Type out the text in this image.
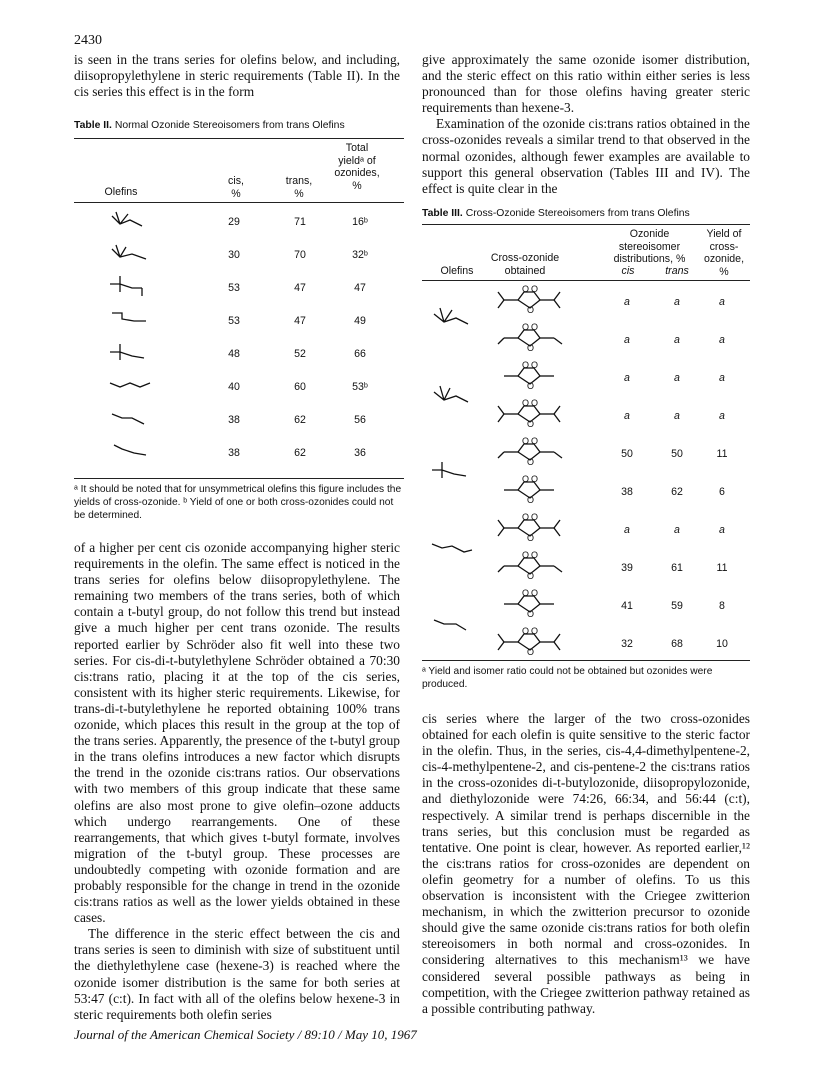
2430

is seen in the trans series for olefins below, and including, diisopropylethylene in steric requirements (Table II). In the cis series this effect is in the form

Table II. Normal Ozonide Stereoisomers from trans Olefins
Total yieldᵃ of ozonides, %
cis, %
trans, %
Olefins
29	71	16ᵇ
30	70	32ᵇ
53	47	47
53	47	49
48	52	66
40	60	53ᵇ
38	62	56
38	62	36
ᵃ It should be noted that for unsymmetrical olefins this figure includes the yields of cross-ozonide. ᵇ Yield of one or both cross-ozonides could not be determined.

of a higher per cent cis ozonide accompanying higher steric requirements in the olefin. The same effect is noticed in the trans series for olefins below diisopropylethylene. The remaining two members of the trans series, both of which contain a t-butyl group, do not follow this trend but instead give a much higher per cent trans ozonide. The results reported earlier by Schröder also fit well into these two series. For cis-di-t-butylethylene Schröder obtained a 70:30 cis:trans ratio, placing it at the top of the cis series, consistent with its higher steric requirements. Likewise, for trans-di-t-butylethylene he reported obtaining 100% trans ozonide, which places this result in the group at the top of the trans series. Apparently, the presence of the t-butyl group in the trans olefins introduces a new factor which disrupts the trend in the ozonide cis:trans ratios. Our observations with two members of this group indicate that these same olefins are also most prone to give olefin–ozone adducts which undergo rearrangements. One of these rearrangements, that which gives t-butyl formate, involves migration of the t-butyl group. These processes are undoubtedly competing with ozonide formation and are probably responsible for the change in trend in the ozonide cis:trans ratios as well as the lower yields obtained in these cases.

The difference in the steric effect between the cis and trans series is seen to diminish with size of substituent until the diethylethylene case (hexene-3) is reached where the ozonide isomer distribution is the same for both series at 53:47 (c:t). In fact with all of the olefins below hexene-3 in steric requirements both olefin series

give approximately the same ozonide isomer distribution, and the steric effect on this ratio within either series is less pronounced than for those olefins having greater steric requirements than hexene-3.

Examination of the ozonide cis:trans ratios obtained in the cross-ozonides reveals a similar trend to that observed in the normal ozonides, although fewer examples are available to support this general observation (Tables III and IV). The effect is quite clear in the

Table III. Cross-Ozonide Stereoisomers from trans Olefins
Ozonide stereoisomer distributions, %
Yield of cross-ozonide, %
Cross-ozonide obtained
Olefins	cis	trans
O O
O
a	a	a
O O
O
a	a	a
O O
O
a	a	a
O O
O
a	a	a
O O
O
50	50	11
O O
O
38	62	6
O O
O
a	a	a
O O
O
39	61	11
O O
O
41	59	8
O O
O
32	68	10
ᵃ Yield and isomer ratio could not be obtained but ozonides were produced.

cis series where the larger of the two cross-ozonides obtained for each olefin is quite sensitive to the steric factor in the olefin. Thus, in the series, cis-4,4-dimethylpentene-2, cis-4-methylpentene-2, and cis-pentene-2 the cis:trans ratios in the cross-ozonides di-t-butylozonide, diisopropylozonide, and diethylozonide were 74:26, 66:34, and 56:44 (c:t), respectively. A similar trend is perhaps discernible in the trans series, but this conclusion must be regarded as tentative. One point is clear, however. As reported earlier,¹² the cis:trans ratios for cross-ozonides are dependent on olefin geometry for a number of olefins. To us this observation is inconsistent with the Criegee zwitterion mechanism, in which the zwitterion precursor to ozonide should give the same ozonide cis:trans ratios for both olefin stereoisomers in both normal and cross-ozonides. In considering alternatives to this mechanism¹³ we have considered several possible pathways as being in competition, with the Criegee zwitterion pathway retained as a possible contributing pathway.

Journal of the American Chemical Society / 89:10 / May 10, 1967
